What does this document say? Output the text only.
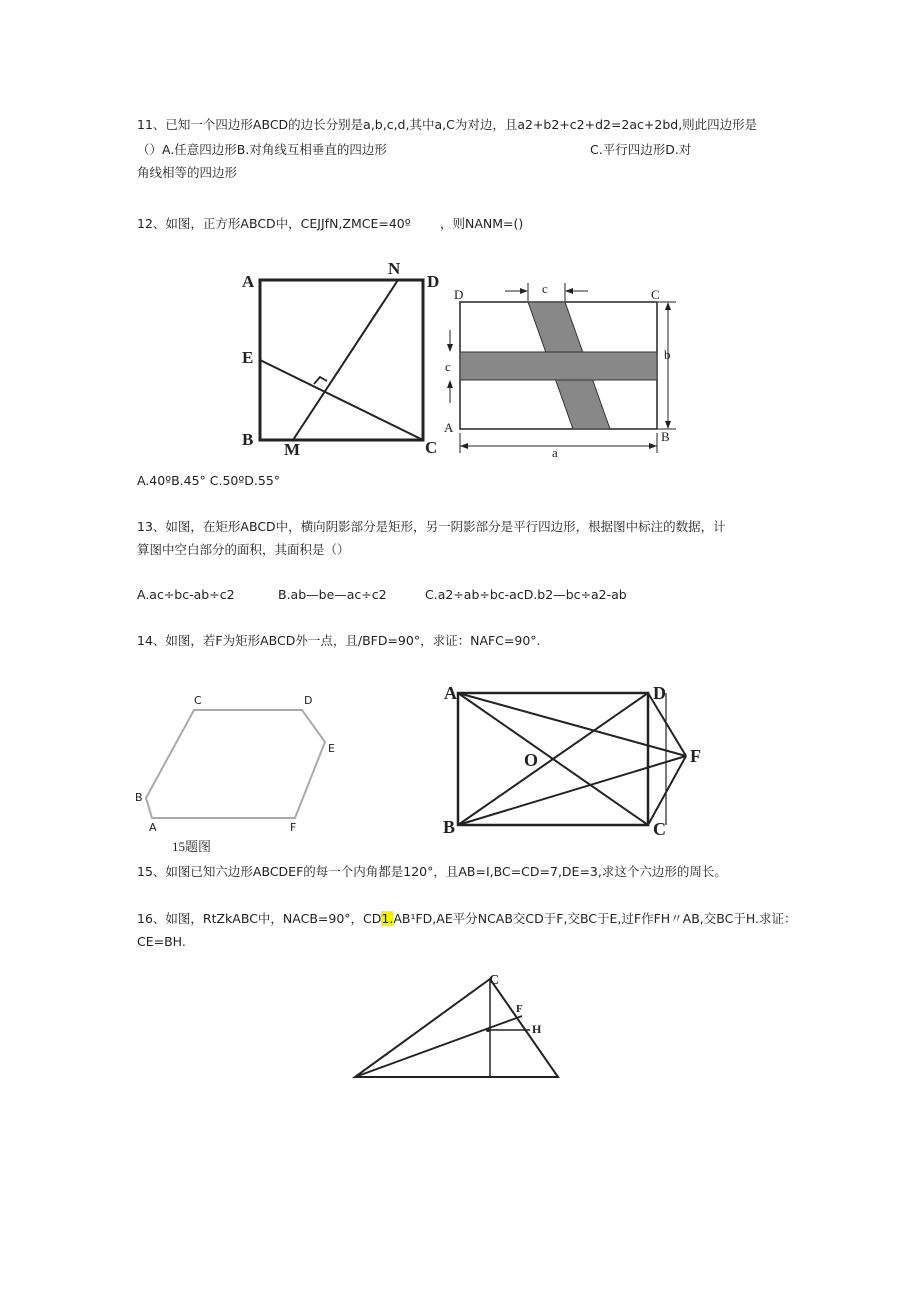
11、已知一个四边形ABCD的边长分别是a,b,c,d,其中a,C为对边，且a2+b2+c2+d2=2ac+2bd,则此四边形是
（）A.任意四边形B.对角线互相垂直的四边形	C.平行四边形D.对
角线相等的四边形
12、如图，正方形ABCD中，CEJJfN,ZMCE=40º ，则NANM=()
A
N
D
E
B
M	C
D	C
A
B
c
c
b
a
A.40ºB.45° C.50ºD.55°
13、如图，在矩形ABCD中，横向阴影部分是矩形，另一阴影部分是平行四边形，根据图中标注的数据，计
算图中空白部分的面积，其面积是（）
A.ac÷bc-ab÷c2	B.ab—be—ac÷c2	C.a2÷ab÷bc-acD.b2—bc÷a2-ab
14、如图，若F为矩形ABCD外一点，且/BFD=90°，求证：NAFC=90°.
C	D
E
B
A	F
15题图
A	D
O	F
B	C
15、如图已知六边形ABCDEF的每一个内角都是120°，且AB=I,BC=CD=7,DE=3,求这个六边形的周长。
16、如图，RtZkABC中，NACB=90°，CD1.AB¹FD,AE平分NCAB交CD于F,交BC于E,过F作FH〃AB,交BC于H.求证：
CE=BH.
C
F
H
